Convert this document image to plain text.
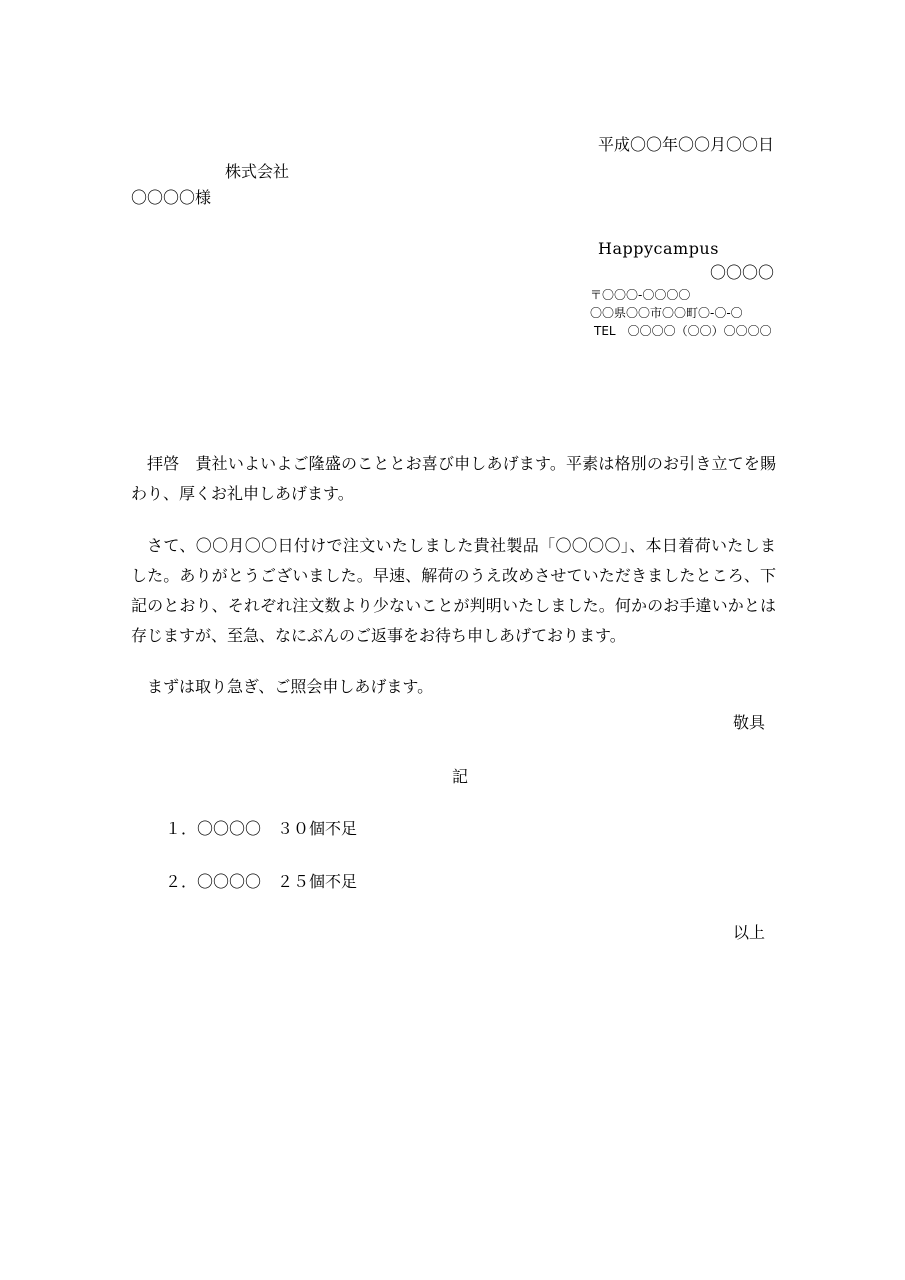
平成〇〇年〇〇月〇〇日
株式会社
〇〇〇〇様
Happycampus
〇〇〇〇
〒〇〇〇-〇〇〇〇
〇〇県〇〇市〇〇町〇-〇-〇
TEL　〇〇〇〇（〇〇）〇〇〇〇

拝啓　貴社いよいよご隆盛のこととお喜び申しあげます。平素は格別のお引き立てを賜わり、厚くお礼申しあげます。

さて、〇〇月〇〇日付けで注文いたしました貴社製品「〇〇〇〇」、本日着荷いたしました。ありがとうございました。早速、解荷のうえ改めさせていただきましたところ、下記のとおり、それぞれ注文数より少ないことが判明いたしました。何かのお手違いかとは存じますが、至急、なにぶんのご返事をお待ち申しあげております。

まずは取り急ぎ、ご照会申しあげます。

敬具
記
１．〇〇〇〇　３０個不足
２．〇〇〇〇　２５個不足
以上
